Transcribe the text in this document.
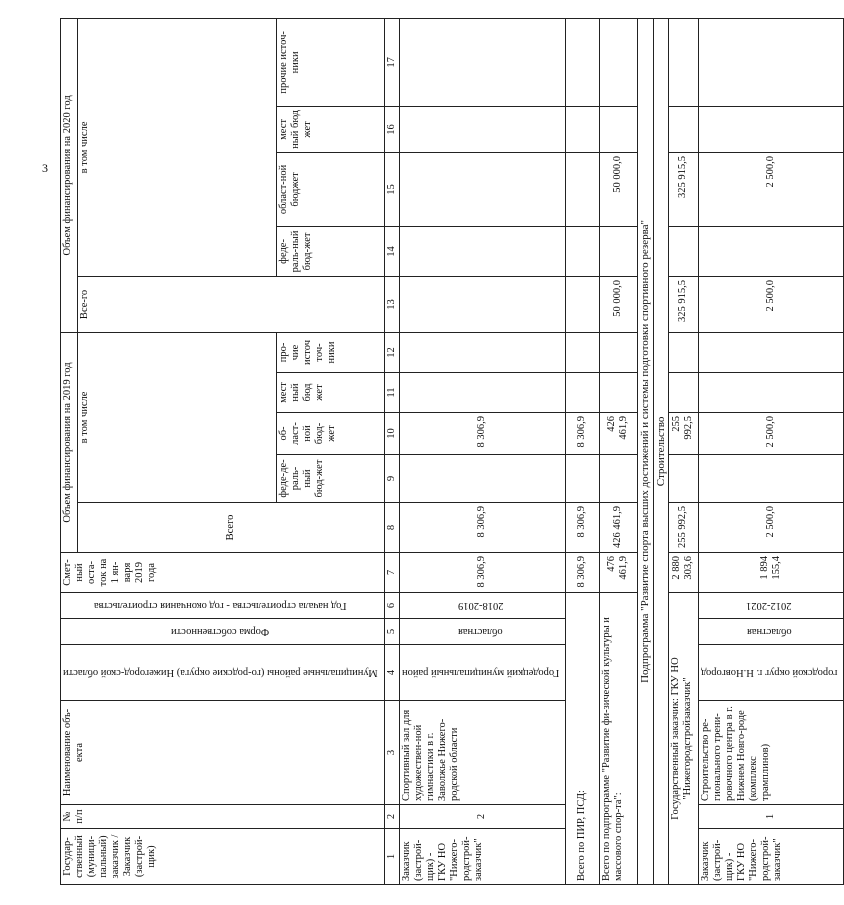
3
Государ-ственный (муници-пальный) заказчик / Заказчик (застрой-щик)	№ п/п	Наименование объ-екта	Муниципальные районы (го-родские округа) Нижегород-ской области	Форма собственности	Год начала строительства - год окончания строительства	Смет-ный оста-ток на 1 ян-варя 2019 года	Объем финансирования на 2019 год					Объем финансирования на 2020 год				
							Всего	в том числе				Все-го	в том числе			
								феде-де-раль-ный бюд-жет	об-ласт-ной бюд-жет	мест ный бюд жет	про-чие источ точ-ники		феде-раль-ный бюд-жет	област-ной бюджет	мест ный бюд жет	прочие источ-ники
1	2	3	4	5	6	7	8	9	10	11	12	13	14	15	16	17
Заказчик (застрой-щик) - ГКУ НО "Нижего-родстрой-заказчик"	2	Спортивный зал для художествен-ной гимнастики в г. Заволжье Нижего-родской области	Городецкий муниципальный район	областная	2018-2019	8 306,9	8 306,9		8 306,9							
Всего по ПИР, ПСД:						8 306,9	8 306,9		8 306,9							
Всего по подпрограмме "Развитие фи-зической культуры и массового спор-та":						476 461,9	426 461,9		426 461,9			50 000,0		50 000,0		
Подпрограмма "Развитие спорта высших достижений и системы подготовки спортивного резерва"																
Строительство																
Государственный заказчик: ГКУ НО "Нижегородстройзаказчик"						2 880 303,6	255 992,5		255 992,5			325 915,5		325 915,5		
Заказчик (застрой-щик) - ГКУ НО "Нижего-родстрой-заказчик"	1	Строительство ре-гионального трени-ровочного центра в г. Нижнем Новго-роде (комплекс трамплинов)	городской округ г. Н.Новгород	областная	2012-2021	1 894 155,4	2 500,0		2 500,0			2 500,0		2 500,0		
